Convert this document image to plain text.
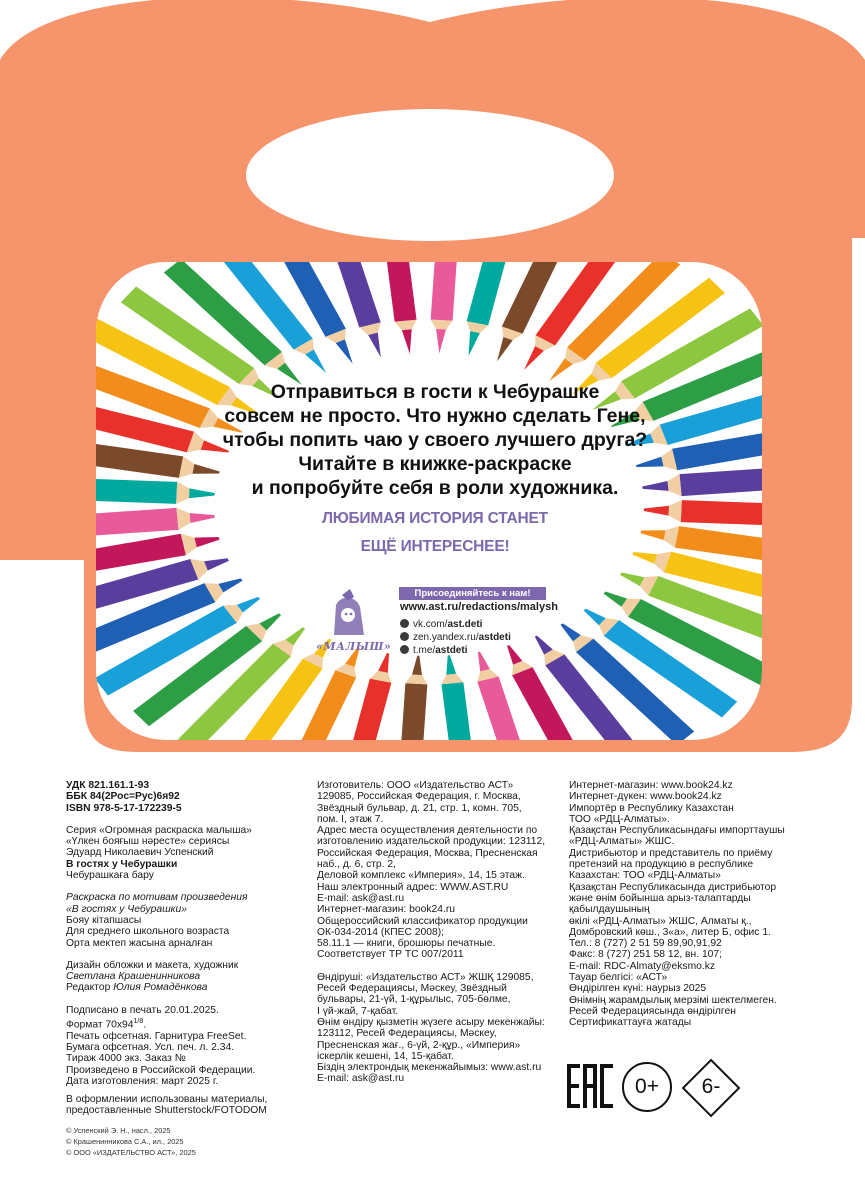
Отправиться в гости к Чебурашке
совсем не просто. Что нужно сделать Гене,
чтобы попить чаю у своего лучшего друга?
Читайте в книжке-раскраске
и попробуйте себя в роли художника.
ЛЮБИМАЯ ИСТОРИЯ СТАНЕТ
ЕЩЁ ИНТЕРЕСНЕЕ!
«МАЛЫШ»
Присоединяйтесь к нам!
www.ast.ru/redactions/malysh
vk.com/ast.deti
zen.yandex.ru/astdeti
t.me/astdeti
УДК 821.161.1-93
ББК 84(2Рос=Рус)6я92
ISBN 978-5-17-172239-5
Серия «Огромная раскраска малыша»
«Үлкен бояғыш нәресте» сериясы
Эдуард Николаевич Успенский
В гостях у Чебурашки
Чебурашкаға бару
Раскраска по мотивам произведения
«В гостях у Чебурашки»
Бояу кітапшасы
Для среднего школьного возраста
Орта мектеп жасына арналған
Дизайн обложки и макета, художник
Светлана Крашенинникова
Редактор Юлия Ромадёнкова
Подписано в печать 20.01.2025.
Формат $70х94^{1/8}$.
Печать офсетная. Гарнитура FreeSet.
Бумага офсетная. Усл. печ. л. 2.34.
Тираж 4000 экз. Заказ №
Произведено в Российской Федерации.
Дата изготовления: март 2025 г.
В оформлении использованы материалы,
предоставленные Shutterstock/FOTODOM
© Успенский Э. Н., насл., 2025
© Крашенинникова С.А., ил., 2025
© ООО «ИЗДАТЕЛЬСТВО АСТ», 2025
Изготовитель: ООО «Издательство АСТ»
129085, Российская Федерация, г. Москва,
Звёздный бульвар, д. 21, стр. 1, комн. 705,
пом. I, этаж 7.
Адрес места осуществления деятельности по
изготовлению издательской продукции: 123112,
Российская Федерация, Москва, Пресненская
наб., д. 6, стр. 2,
Деловой комплекс «Империя», 14, 15 этаж.
Наш электронный адрес: WWW.AST.RU
E-mail: ask@ast.ru
Интернет-магазин: book24.ru
Общероссийский классификатор продукции
ОК-034-2014 (КПЕС 2008);
58.11.1 — книги, брошюры печатные.
Соответствует ТР ТС 007/2011
Өндіруші: «Издательство АСТ» ЖШҚ 129085,
Ресей Федерациясы, Мәскеу, Звёздный
бульвары, 21-үй, 1-құрылыс, 705-бөлме,
I үй-жай, 7-қабат.
Өнім өндіру қызметін жүзеге асыру мекенжайы:
123112, Ресей Федерациясы, Мәскеу,
Пресненская жағ., 6-үй, 2-құр., «Империя»
іскерлік кешені, 14, 15-қабат.
Біздің электрондық мекенжайымыз: www.ast.ru
E-mail: ask@ast.ru
Интернет-магазин: www.book24.kz
Интернет-дүкен: www.book24.kz
Импортёр в Республику Казахстан
ТОО «РДЦ-Алматы».
Қазақстан Республикасындағы импорттаушы
«РДЦ-Алматы» ЖШС.
Дистрибьютор и представитель по приёму
претензий на продукцию в республике
Казахстан: ТОО «РДЦ-Алматы»
Қазақстан Республикасында дистрибьютор
және өнім бойынша арыз-талаптарды
қабылдаушының
өкілі «РДЦ-Алматы» ЖШС, Алматы қ.,
Домбровский көш., 3«а», литер Б, офис 1.
Тел.: 8 (727) 2 51 59 89,90,91,92
Факс: 8 (727) 251 58 12, вн. 107;
E-mail: RDC-Almaty@eksmo.kz
Тауар белгісі: «АСТ»
Өндірілген күні: наурыз 2025
Өнімнің жарамдылық мерзімі шектелмеген.
Ресей Федерациясында өндірілген
Сертификаттауға жатады
0+	6-
